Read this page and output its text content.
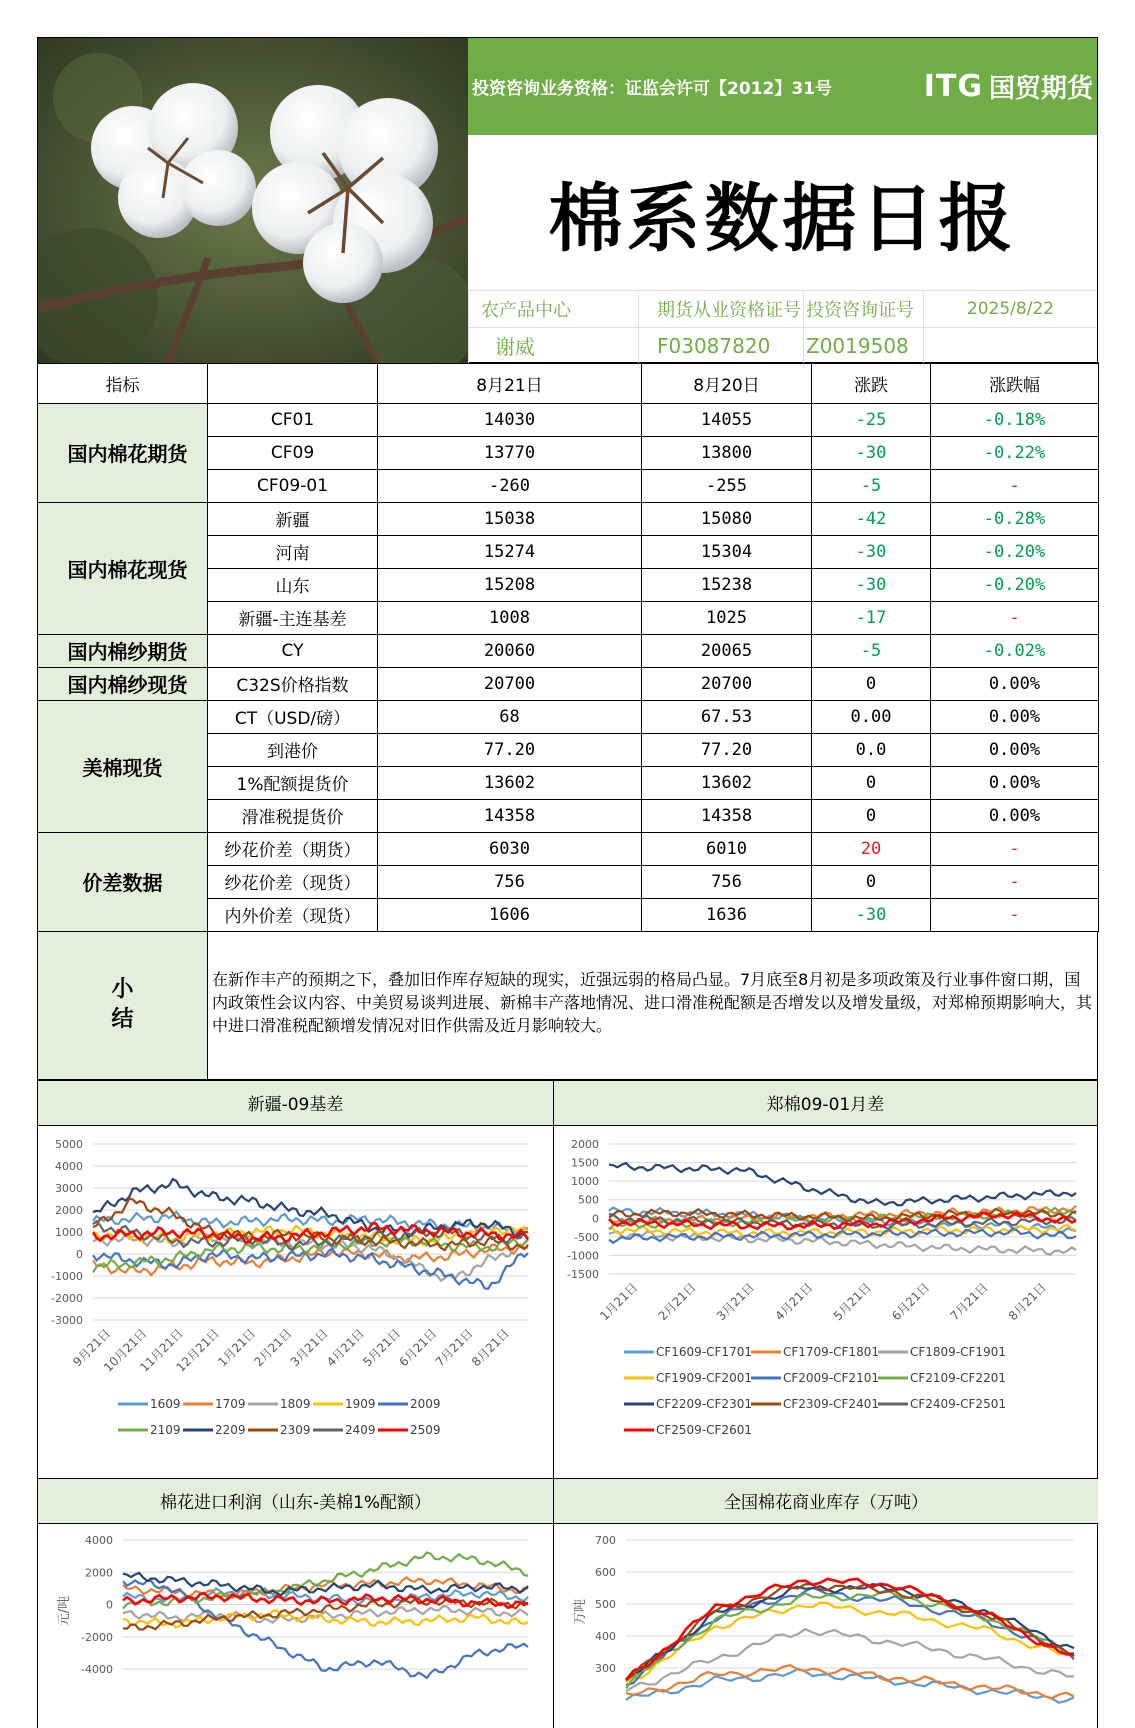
投资咨询业务资格：证监会许可【2012】31号	ITG 国贸期货
棉系数据日报
农产品中心	期货从业资格证号 投资咨询证号	2025/8/22
谢威	F03087820	Z0019508
指标		8月21日	8月20日	涨跌	涨跌幅
国内棉花期货	CF01	14030	14055	-25	-0.18%
	CF09	13770	13800	-30	-0.22%
	CF09-01	-260	-255	-5	-
国内棉花现货	新疆	15038	15080	-42	-0.28%
	河南	15274	15304	-30	-0.20%
	山东	15208	15238	-30	-0.20%
	新疆-主连基差	1008	1025	-17	-
国内棉纱期货	CY	20060	20065	-5	-0.02%
国内棉纱现货	C32S价格指数	20700	20700	0	0.00%
美棉现货	CT（USD/磅）	68	67.53	0.00	0.00%
	到港价	77.20	77.20	0.0	0.00%
	1%配额提货价	13602	13602	0	0.00%
	滑准税提货价	14358	14358	0	0.00%
价差数据	纱花价差（期货）	6030	6010	20	-
	纱花价差（现货）	756	756	0	-
	内外价差（现货）	1606	1636	-30	-
小
结
在新作丰产的预期之下，叠加旧作库存短缺的现实，近强远弱的格局凸显。7月底至8月初是多项政策及行业事件窗口期，国内政策性会议内容、中美贸易谈判进展、新棉丰产落地情况、进口滑准税配额是否增发以及增发量级，对郑棉预期影响大，其中进口滑准税配额增发情况对旧作供需及近月影响较大。
新疆-09基差
5000
4000
3000
2000
1000
0
-1000
-2000
-3000
9月21日
10月21日
11月21日
12月21日
1月21日
2月21日
3月21日
4月21日
5月21日
6月21日
7月21日
8月21日
1609	1709	1809	1909	2009
2109	2209	2309	2409	2509
郑棉09-01月差
2000
1500
1000
500
0
-500
-1000
-1500
1月21日 2月21日 3月21日 4月21日 5月21日 6月21日 7月21日 8月21日
CF1609-CF1701	CF1709-CF1801	CF1809-CF1901
CF1909-CF2001	CF2009-CF2101	CF2109-CF2201
CF2209-CF2301	CF2309-CF2401	CF2409-CF2501
CF2509-CF2601
棉花进口利润（山东-美棉1%配额）
4000
2000
0
-2000
-4000
元/吨
全国棉花商业库存（万吨）
700
600
500
400
300
万吨
